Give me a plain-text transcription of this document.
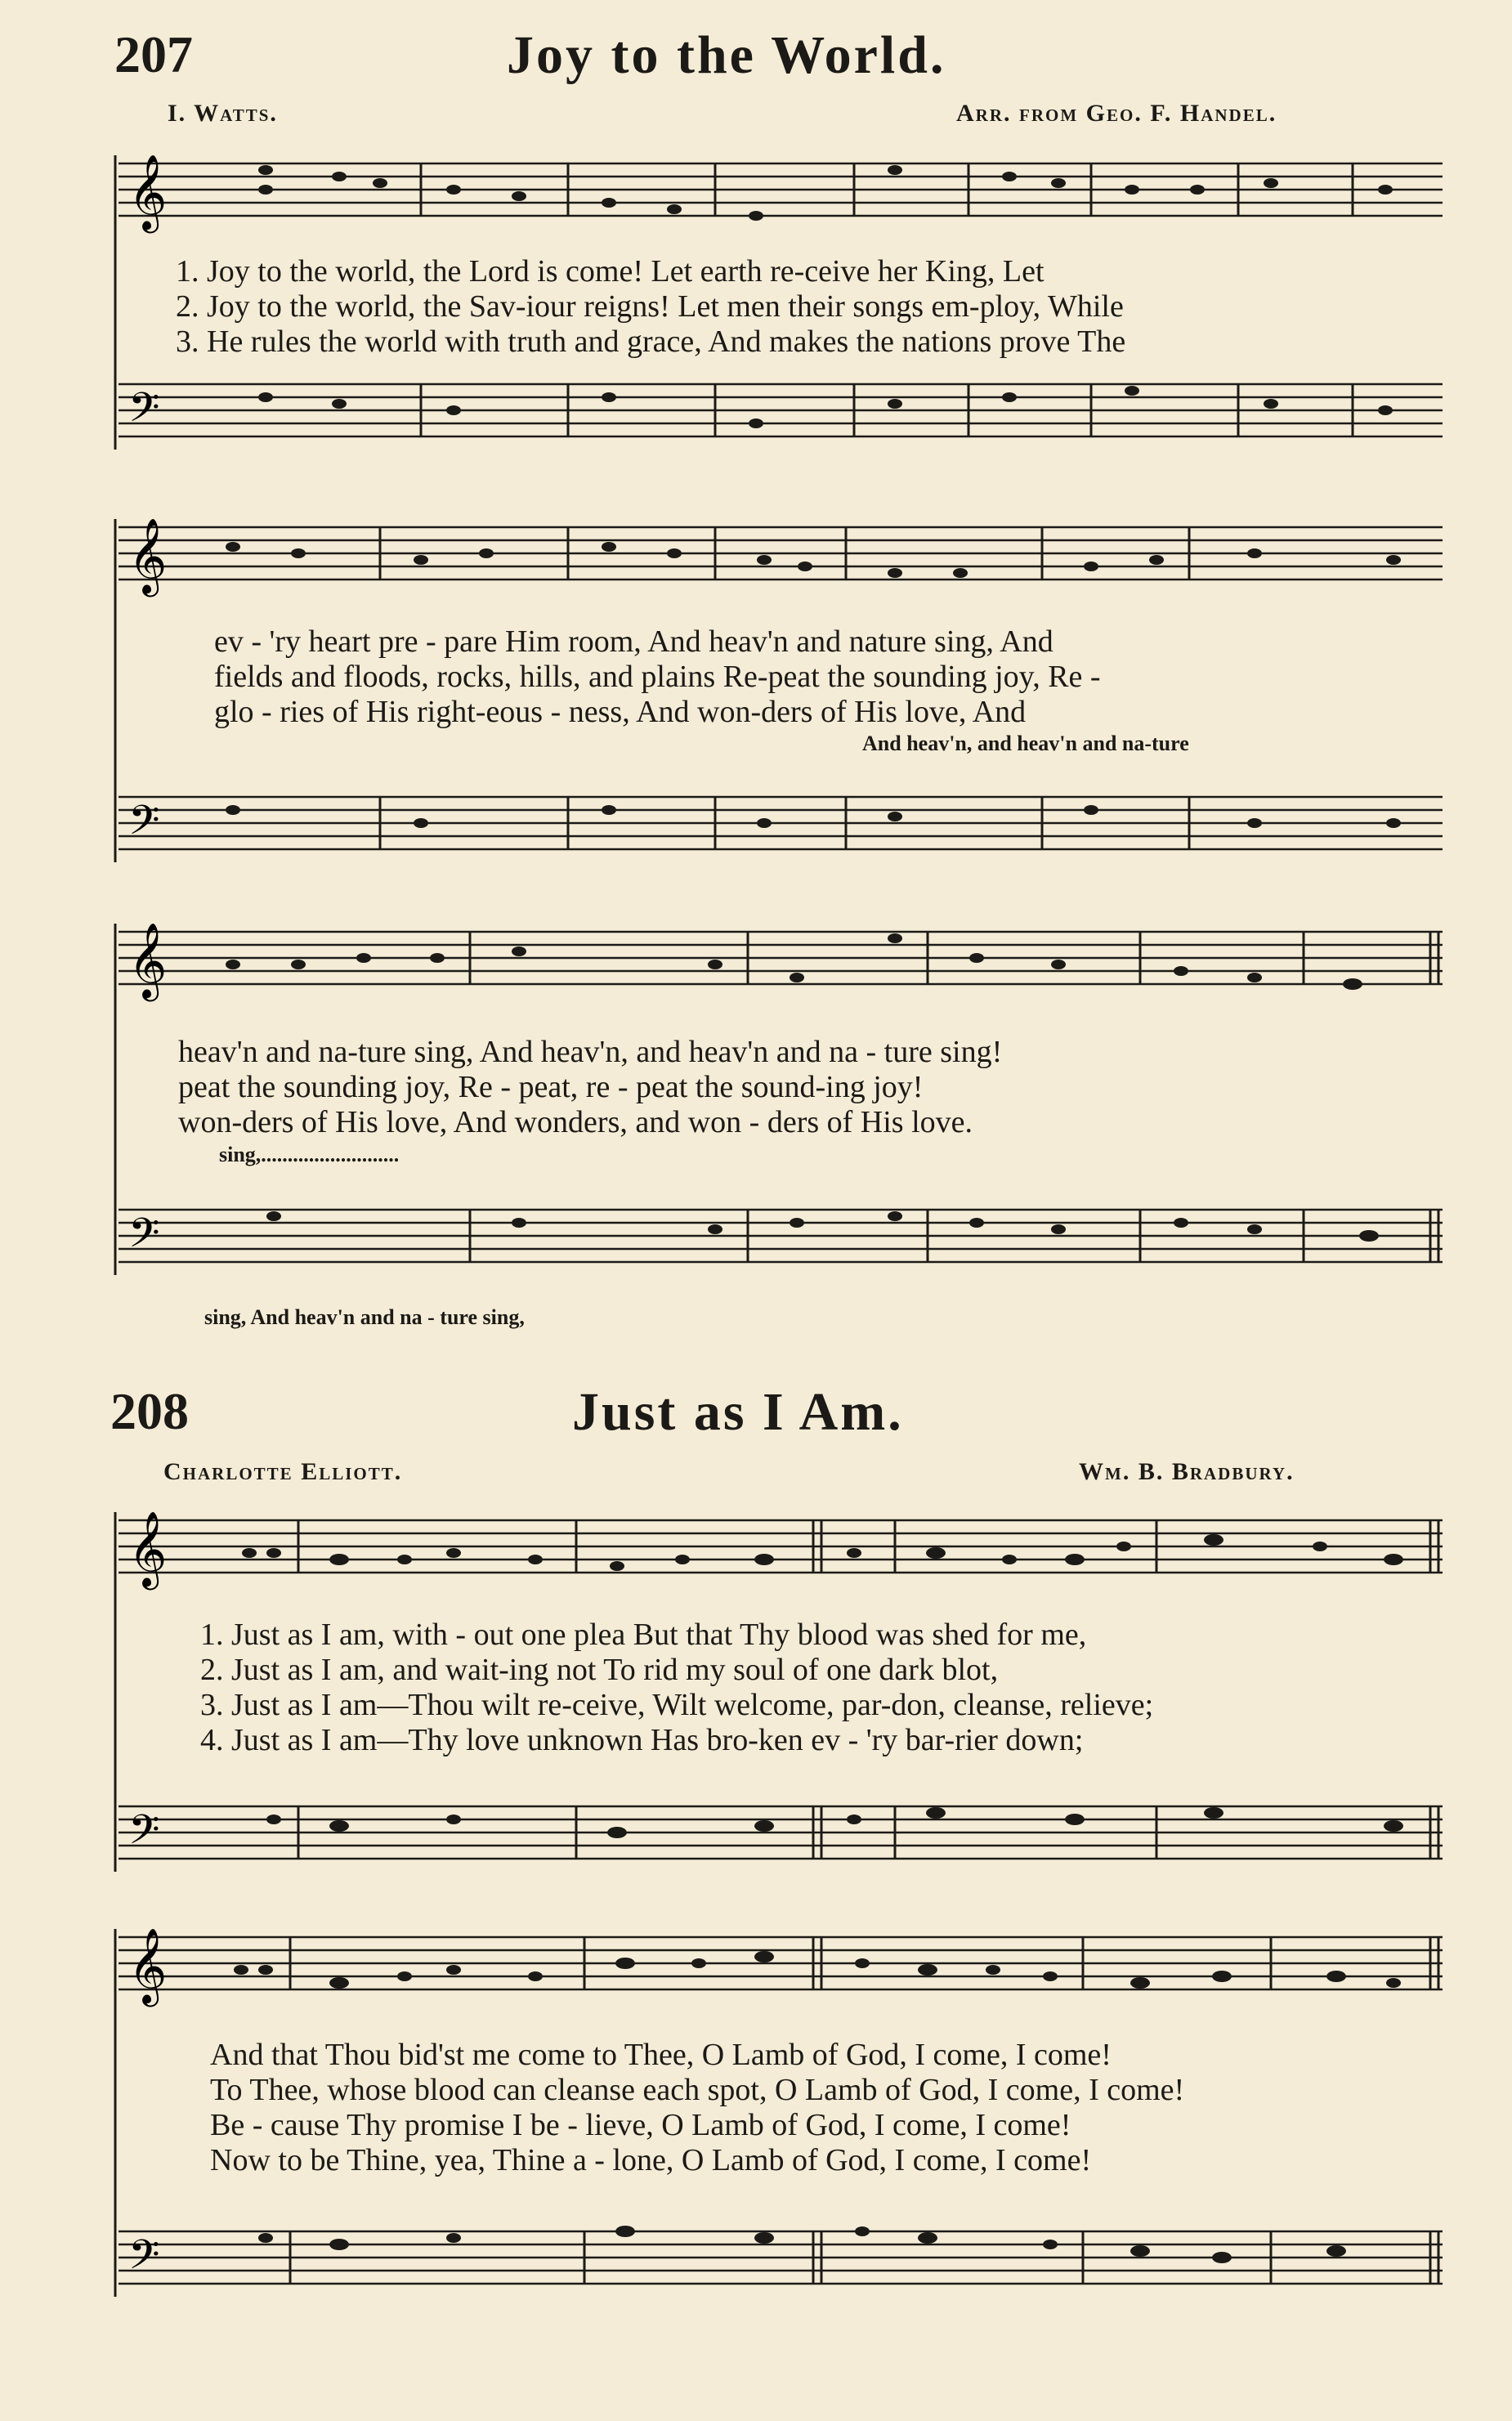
207	Joy to the World.
I. Watts.	Arr. from Geo. F. Handel.
𝄞
𝄢
1. Joy to the world, the Lord is come! Let earth re-ceive her King, Let
2. Joy to the world, the Sav-iour reigns! Let men their songs em-ploy, While
3. He rules the world with truth and grace, And makes the nations prove The
𝄞
𝄢
ev - 'ry heart pre - pare Him room, And heav'n and nature sing, And
fields and floods, rocks, hills, and plains Re-peat the sounding joy, Re -
glo - ries of His right-eous - ness, And won-ders of His love, And
And heav'n, and heav'n and na-ture
𝄞
𝄢
heav'n and na-ture sing, And heav'n, and heav'n and na - ture sing!
peat the sounding joy, Re - peat, re - peat the sound-ing joy!
won-ders of His love, And wonders, and won - ders of His love.
sing,..........................
sing, And heav'n and na - ture sing,
208	Just as I Am.
Charlotte Elliott.	Wm. B. Bradbury.
𝄞
𝄢
1. Just as I am, with - out one plea But that Thy blood was shed for me,
2. Just as I am, and wait-ing not To rid my soul of one dark blot,
3. Just as I am—Thou wilt re-ceive, Wilt welcome, par-don, cleanse, relieve;
4. Just as I am—Thy love unknown Has bro-ken ev - 'ry bar-rier down;
𝄞
𝄢
And that Thou bid'st me come to Thee, O Lamb of God, I come, I come!
To Thee, whose blood can cleanse each spot, O Lamb of God, I come, I come!
Be - cause Thy promise I be - lieve, O Lamb of God, I come, I come!
Now to be Thine, yea, Thine a - lone, O Lamb of God, I come, I come!
